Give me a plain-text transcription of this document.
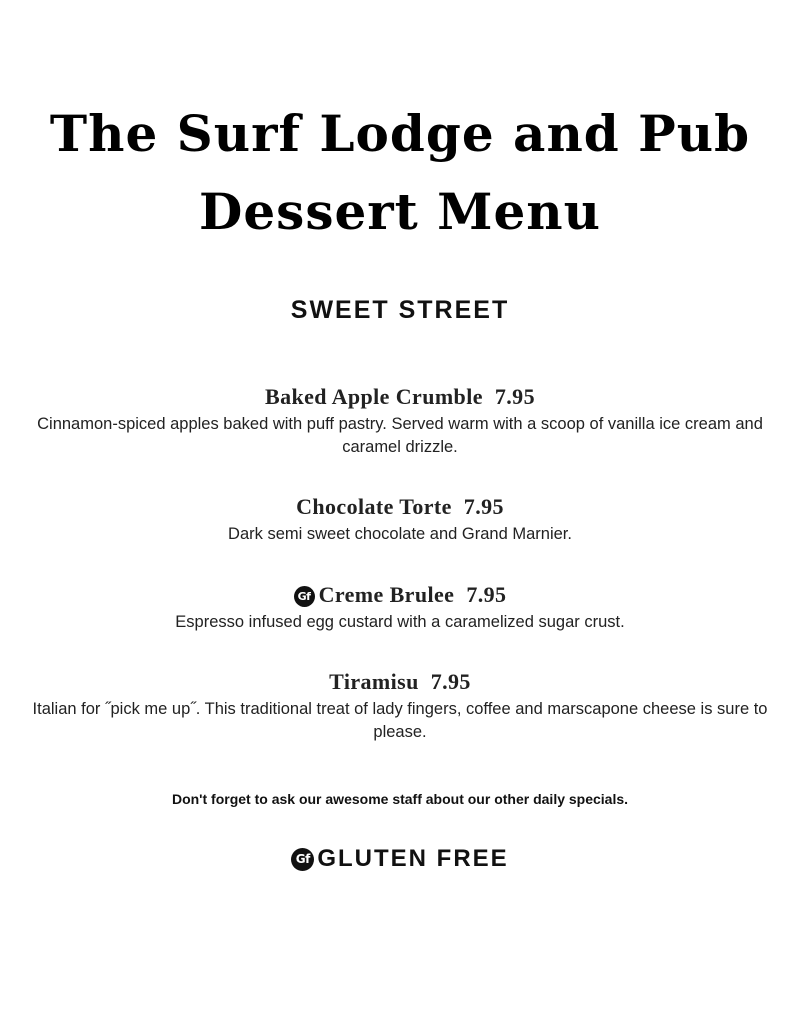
The Surf Lodge and Pub
Dessert Menu
SWEET STREET
Baked Apple Crumble 7.95
Cinnamon-spiced apples baked with puff pastry. Served warm with a scoop of vanilla ice cream and caramel drizzle.
Chocolate Torte 7.95
Dark semi sweet chocolate and Grand Marnier.
Gf Creme Brulee 7.95
Espresso infused egg custard with a caramelized sugar crust.
Tiramisu 7.95
Italian for ˝pick me up˝. This traditional treat of lady fingers, coffee and marscapone cheese is sure to please.
Don't forget to ask our awesome staff about our other daily specials.
Gf GLUTEN FREE
